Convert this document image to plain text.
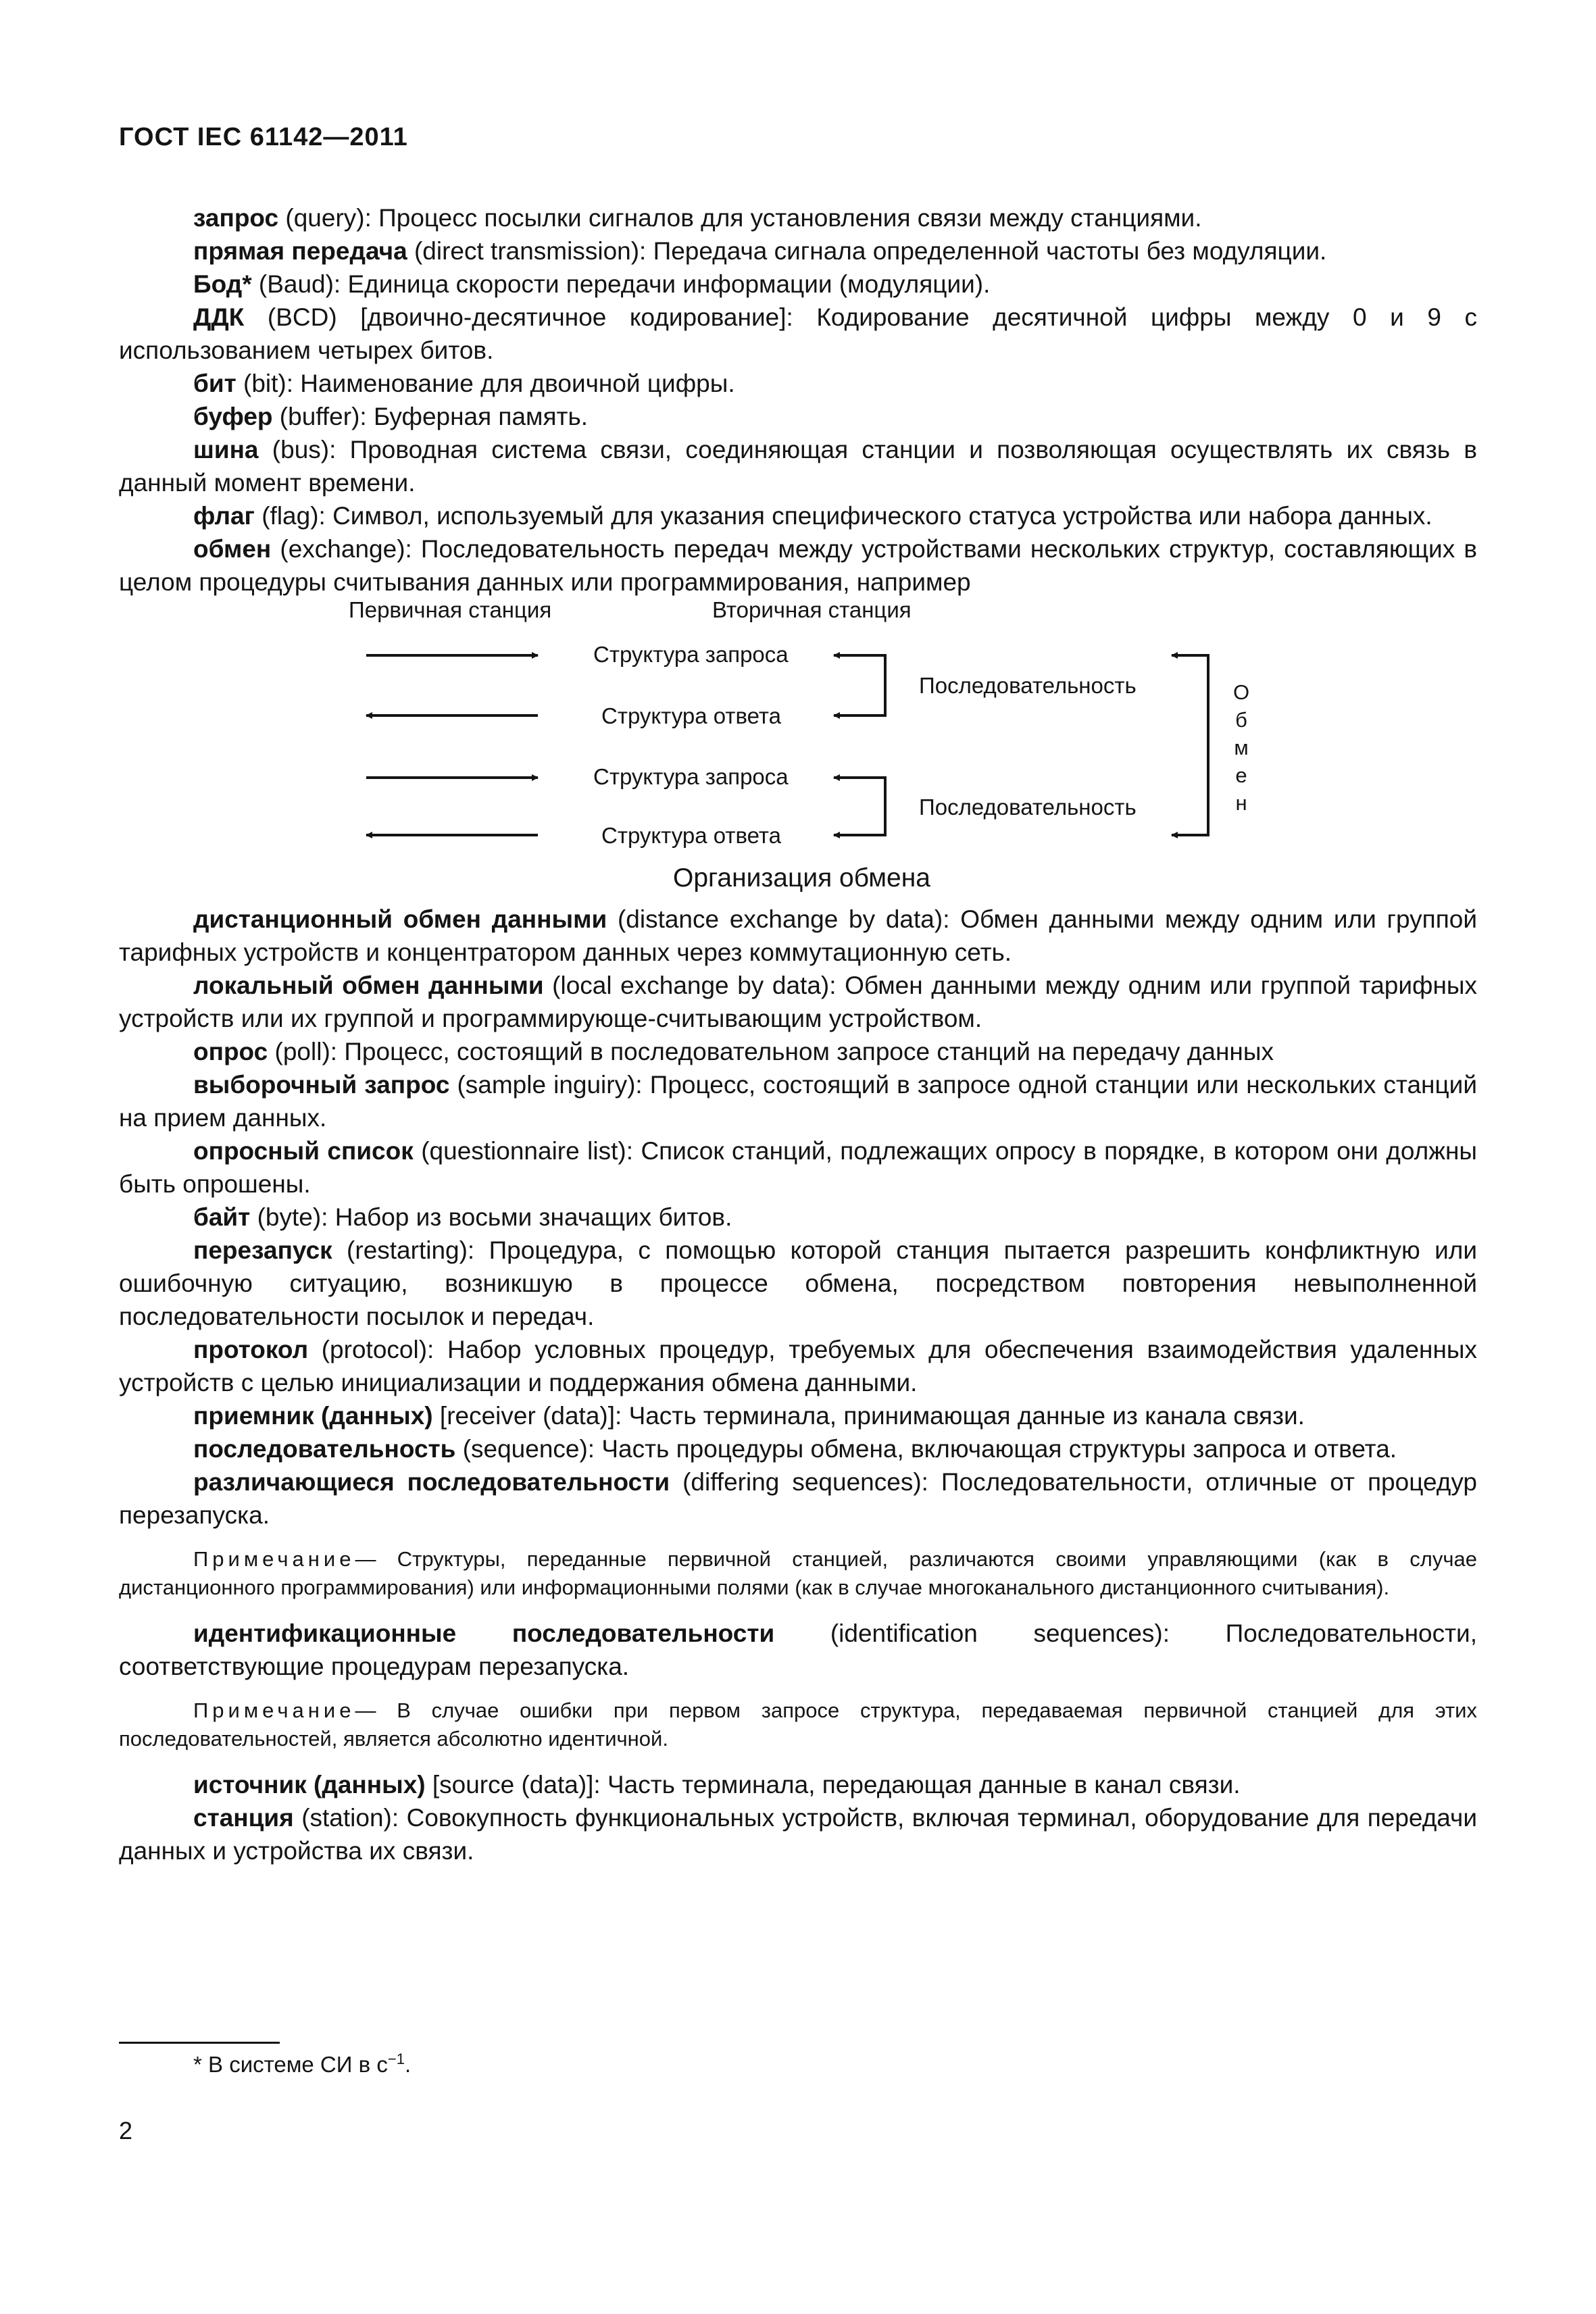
ГОСТ IEC 61142—2011

запрос (query): Процесс посылки сигналов для установления связи между станциями.

прямая передача (direct transmission): Передача сигнала определенной частоты без модуляции.

Бод* (Baud): Единица скорости передачи информации (модуляции).

ДДК (BCD) [двоично-десятичное кодирование]: Кодирование десятичной цифры между 0 и 9 с использованием четырех битов.

бит (bit): Наименование для двоичной цифры.

буфер (buffer): Буферная память.

шина (bus): Проводная система связи, соединяющая станции и позволяющая осуществлять их связь в данный момент времени.

флаг (flag): Символ, используемый для указания специфического статуса устройства или набора данных.

обмен (exchange): Последовательность передач между устройствами нескольких структур, составляющих в целом процедуры считывания данных или программирования, например

Первичная станция	Вторичная станция
Структура запроса
Структура ответа
Структура запроса
Структура ответа
Последовательность
Последовательность
О
б
м
е
н
Организация обмена

дистанционный обмен данными (distance exchange by data): Обмен данными между одним или группой тарифных устройств и концентратором данных через коммутационную сеть.

локальный обмен данными (local exchange by data): Обмен данными между одним или группой тарифных устройств или их группой и программирующе-считывающим устройством.

опрос (poll): Процесс, состоящий в последовательном запросе станций на передачу данных

выборочный запрос (sample inguiry): Процесс, состоящий в запросе одной станции или нескольких станций на прием данных.

опросный список (questionnaire list): Список станций, подлежащих опросу в порядке, в котором они должны быть опрошены.

байт (byte): Набор из восьми значащих битов.

перезапуск (restarting): Процедура, с помощью которой станция пытается разрешить конфликтную или ошибочную ситуацию, возникшую в процессе обмена, посредством повторения невыполненной последовательности посылок и передач.

протокол (protocol): Набор условных процедур, требуемых для обеспечения взаимодействия удаленных устройств с целью инициализации и поддержания обмена данными.

приемник (данных) [receiver (data)]: Часть терминала, принимающая данные из канала связи.

последовательность (sequence): Часть процедуры обмена, включающая структуры запроса и ответа.

различающиеся последовательности (differing sequences): Последовательности, отличные от процедур перезапуска.

Примечание— Структуры, переданные первичной станцией, различаются своими управляющими (как в случае дистанционного программирования) или информационными полями (как в случае многоканального дистанционного считывания).

идентификационные последовательности (identification sequences): Последовательности, соответствующие процедурам перезапуска.

Примечание— В случае ошибки при первом запросе структура, передаваемая первичной станцией для этих последовательностей, является абсолютно идентичной.

источник (данных) [source (data)]: Часть терминала, передающая данные в канал связи.

станция (station): Совокупность функциональных устройств, включая терминал, оборудование для передачи данных и устройства их связи.

* В системе СИ в $с^{-1}$.
2
